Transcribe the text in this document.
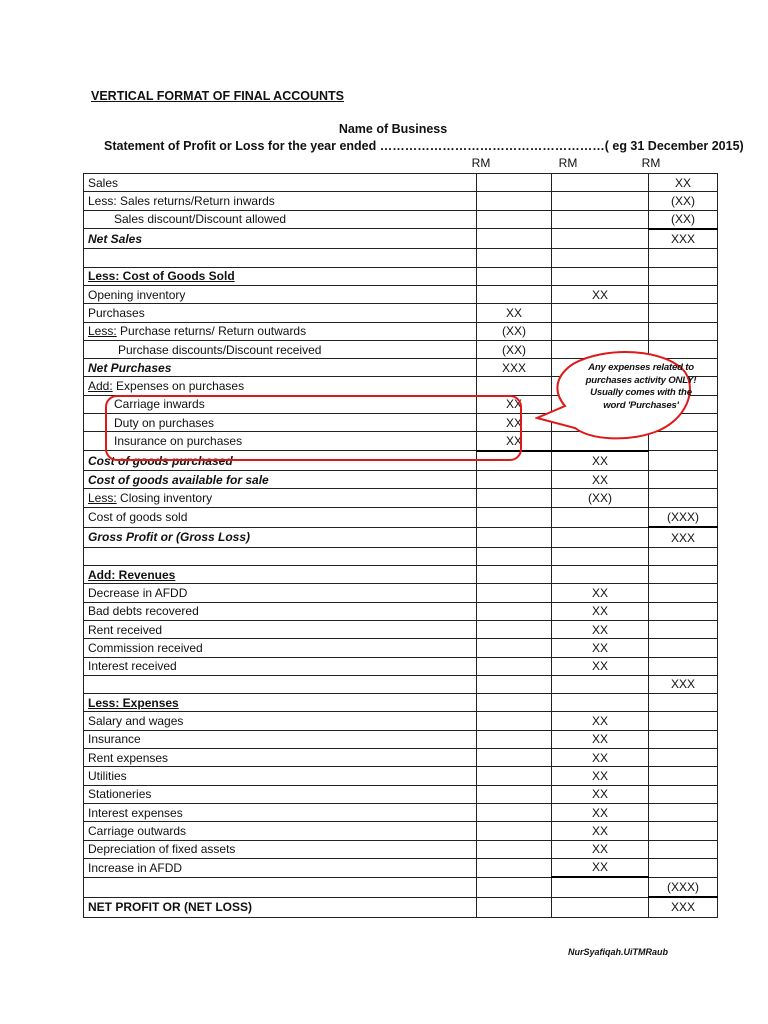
VERTICAL FORMAT OF FINAL ACCOUNTS
Name of Business
Statement of Profit or Loss for the year ended ………………………………………………( eg 31 December 2015)
RM	RM	RM
Sales			XX
Less: Sales returns/Return inwards			(XX)
Sales discount/Discount allowed			(XX)
Net Sales			XXX

Less: Cost of Goods Sold			
Opening inventory		XX	
Purchases	XX		
Less: Purchase returns/ Return outwards	(XX)		
Purchase discounts/Discount received	(XX)		
Net Purchases	XXX		
Add: Expenses on purchases			
Carriage inwards	XX		
Duty on purchases	XX		
Insurance on purchases	XX		
Cost of goods purchased		XX	
Cost of goods available for sale		XX	
Less: Closing inventory		(XX)	
Cost of goods sold			(XXX)
Gross Profit or (Gross Loss)			XXX

Add: Revenues			
Decrease in AFDD		XX	
Bad debts recovered		XX	
Rent received		XX	
Commission received		XX	
Interest received		XX	
			XXX
Less: Expenses			
Salary and wages		XX	
Insurance		XX	
Rent expenses		XX	
Utilities		XX	
Stationeries		XX	
Interest expenses		XX	
Carriage outwards		XX	
Depreciation of fixed assets		XX	
Increase in AFDD		XX	
			(XXX)
NET PROFIT OR (NET LOSS)			XXX
Any expenses related to purchases activity ONLY! Usually comes with the word 'Purchases'
NurSyafiqah.UiTMRaub
